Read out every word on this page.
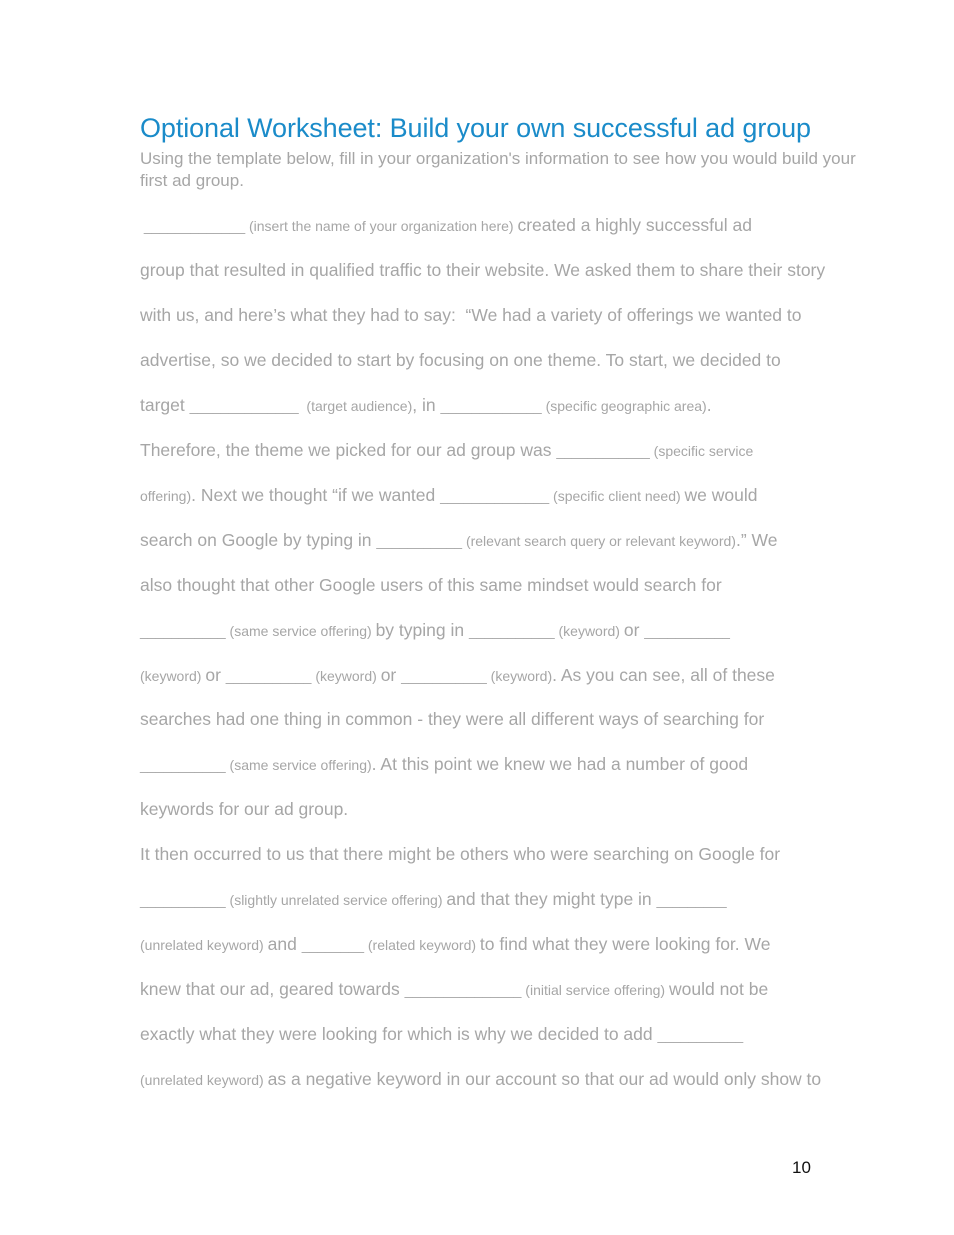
Optional Worksheet: Build your own successful ad group
Using the template below, fill in your organization's information to see how you would build your first ad group.
_____________ (insert the name of your organization here) created a highly successful ad
group that resulted in qualified traffic to their website. We asked them to share their story
with us, and here’s what they had to say:  “We had a variety of offerings we wanted to
advertise, so we decided to start by focusing on one theme. To start, we decided to
target ______________  (target audience), in _____________ (specific geographic area).
Therefore, the theme we picked for our ad group was ____________ (specific service
offering). Next we thought “if we wanted ______________ (specific client need) we would
search on Google by typing in ___________ (relevant search query or relevant keyword).” We
also thought that other Google users of this same mindset would search for
___________ (same service offering) by typing in ___________ (keyword) or ___________
(keyword) or ___________ (keyword) or ___________ (keyword). As you can see, all of these
searches had one thing in common - they were all different ways of searching for
___________ (same service offering). At this point we knew we had a number of good
keywords for our ad group.
It then occurred to us that there might be others who were searching on Google for
___________ (slightly unrelated service offering) and that they might type in _________
(unrelated keyword) and ________ (related keyword) to find what they were looking for. We
knew that our ad, geared towards _______________ (initial service offering) would not be
exactly what they were looking for which is why we decided to add ___________
(unrelated keyword) as a negative keyword in our account so that our ad would only show to
10
